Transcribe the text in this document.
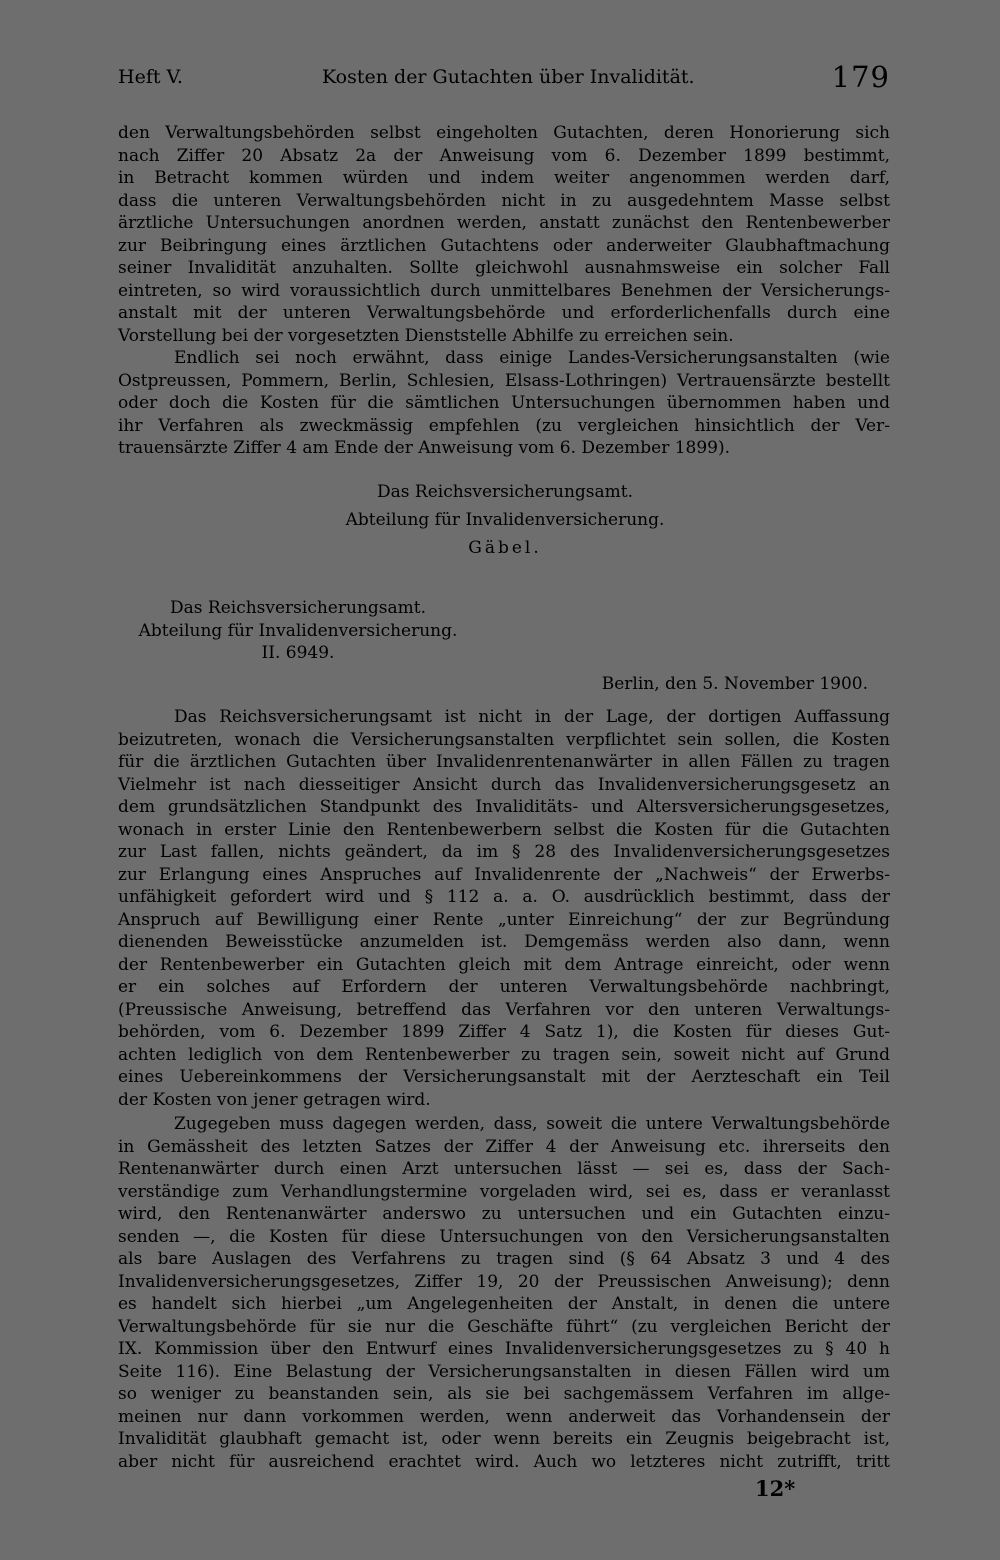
Heft V.	Kosten der Gutachten über Invalidität.	179

den Verwaltungsbehörden selbst eingeholten Gutachten, deren Honorierung sich

nach Ziffer 20 Absatz 2a der Anweisung vom 6. Dezember 1899 bestimmt,

in Betracht kommen würden und indem weiter angenommen werden darf,

dass die unteren Verwaltungsbehörden nicht in zu ausgedehntem Masse selbst

ärztliche Untersuchungen anordnen werden, anstatt zunächst den Rentenbewerber

zur Beibringung eines ärztlichen Gutachtens oder anderweiter Glaubhaftmachung

seiner Invalidität anzuhalten. Sollte gleichwohl ausnahmsweise ein solcher Fall

eintreten, so wird voraussichtlich durch unmittelbares Benehmen der Versicherungs-

anstalt mit der unteren Verwaltungsbehörde und erforderlichenfalls durch eine

Vorstellung bei der vorgesetzten Dienststelle Abhilfe zu erreichen sein.

Endlich sei noch erwähnt, dass einige Landes-Versicherungsanstalten (wie

Ostpreussen, Pommern, Berlin, Schlesien, Elsass-Lothringen) Vertrauensärzte bestellt

oder doch die Kosten für die sämtlichen Untersuchungen übernommen haben und

ihr Verfahren als zweckmässig empfehlen (zu vergleichen hinsichtlich der Ver-

trauensärzte Ziffer 4 am Ende der Anweisung vom 6. Dezember 1899).

Das Reichsversicherungsamt.
Abteilung für Invalidenversicherung.
Gäbel.
Das Reichsversicherungsamt.
Abteilung für Invalidenversicherung.
II. 6949.
Berlin, den 5. November 1900.

Das Reichsversicherungsamt ist nicht in der Lage, der dortigen Auffassung

beizutreten, wonach die Versicherungsanstalten verpflichtet sein sollen, die Kosten

für die ärztlichen Gutachten über Invalidenrentenanwärter in allen Fällen zu tragen

Vielmehr ist nach diesseitiger Ansicht durch das Invalidenversicherungsgesetz an

dem grundsätzlichen Standpunkt des Invaliditäts- und Altersversicherungsgesetzes,

wonach in erster Linie den Rentenbewerbern selbst die Kosten für die Gutachten

zur Last fallen, nichts geändert, da im § 28 des Invalidenversicherungsgesetzes

zur Erlangung eines Anspruches auf Invalidenrente der „Nachweis“ der Erwerbs-

unfähigkeit gefordert wird und § 112 a. a. O. ausdrücklich bestimmt, dass der

Anspruch auf Bewilligung einer Rente „unter Einreichung“ der zur Begründung

dienenden Beweisstücke anzumelden ist. Demgemäss werden also dann, wenn

der Rentenbewerber ein Gutachten gleich mit dem Antrage einreicht, oder wenn

er ein solches auf Erfordern der unteren Verwaltungsbehörde nachbringt,

(Preussische Anweisung, betreffend das Verfahren vor den unteren Verwaltungs-

behörden, vom 6. Dezember 1899 Ziffer 4 Satz 1), die Kosten für dieses Gut-

achten lediglich von dem Rentenbewerber zu tragen sein, soweit nicht auf Grund

eines Uebereinkommens der Versicherungsanstalt mit der Aerzteschaft ein Teil

der Kosten von jener getragen wird.

Zugegeben muss dagegen werden, dass, soweit die untere Verwaltungsbehörde

in Gemässheit des letzten Satzes der Ziffer 4 der Anweisung etc. ihrerseits den

Rentenanwärter durch einen Arzt untersuchen lässt — sei es, dass der Sach-

verständige zum Verhandlungstermine vorgeladen wird, sei es, dass er veranlasst

wird, den Rentenanwärter anderswo zu untersuchen und ein Gutachten einzu-

senden —, die Kosten für diese Untersuchungen von den Versicherungsanstalten

als bare Auslagen des Verfahrens zu tragen sind (§ 64 Absatz 3 und 4 des

Invalidenversicherungsgesetzes, Ziffer 19, 20 der Preussischen Anweisung); denn

es handelt sich hierbei „um Angelegenheiten der Anstalt, in denen die untere

Verwaltungsbehörde für sie nur die Geschäfte führt“ (zu vergleichen Bericht der

IX. Kommission über den Entwurf eines Invalidenversicherungsgesetzes zu § 40 h

Seite 116). Eine Belastung der Versicherungsanstalten in diesen Fällen wird um

so weniger zu beanstanden sein, als sie bei sachgemässem Verfahren im allge-

meinen nur dann vorkommen werden, wenn anderweit das Vorhandensein der

Invalidität glaubhaft gemacht ist, oder wenn bereits ein Zeugnis beigebracht ist,

aber nicht für ausreichend erachtet wird. Auch wo letzteres nicht zutrifft, tritt

12*
